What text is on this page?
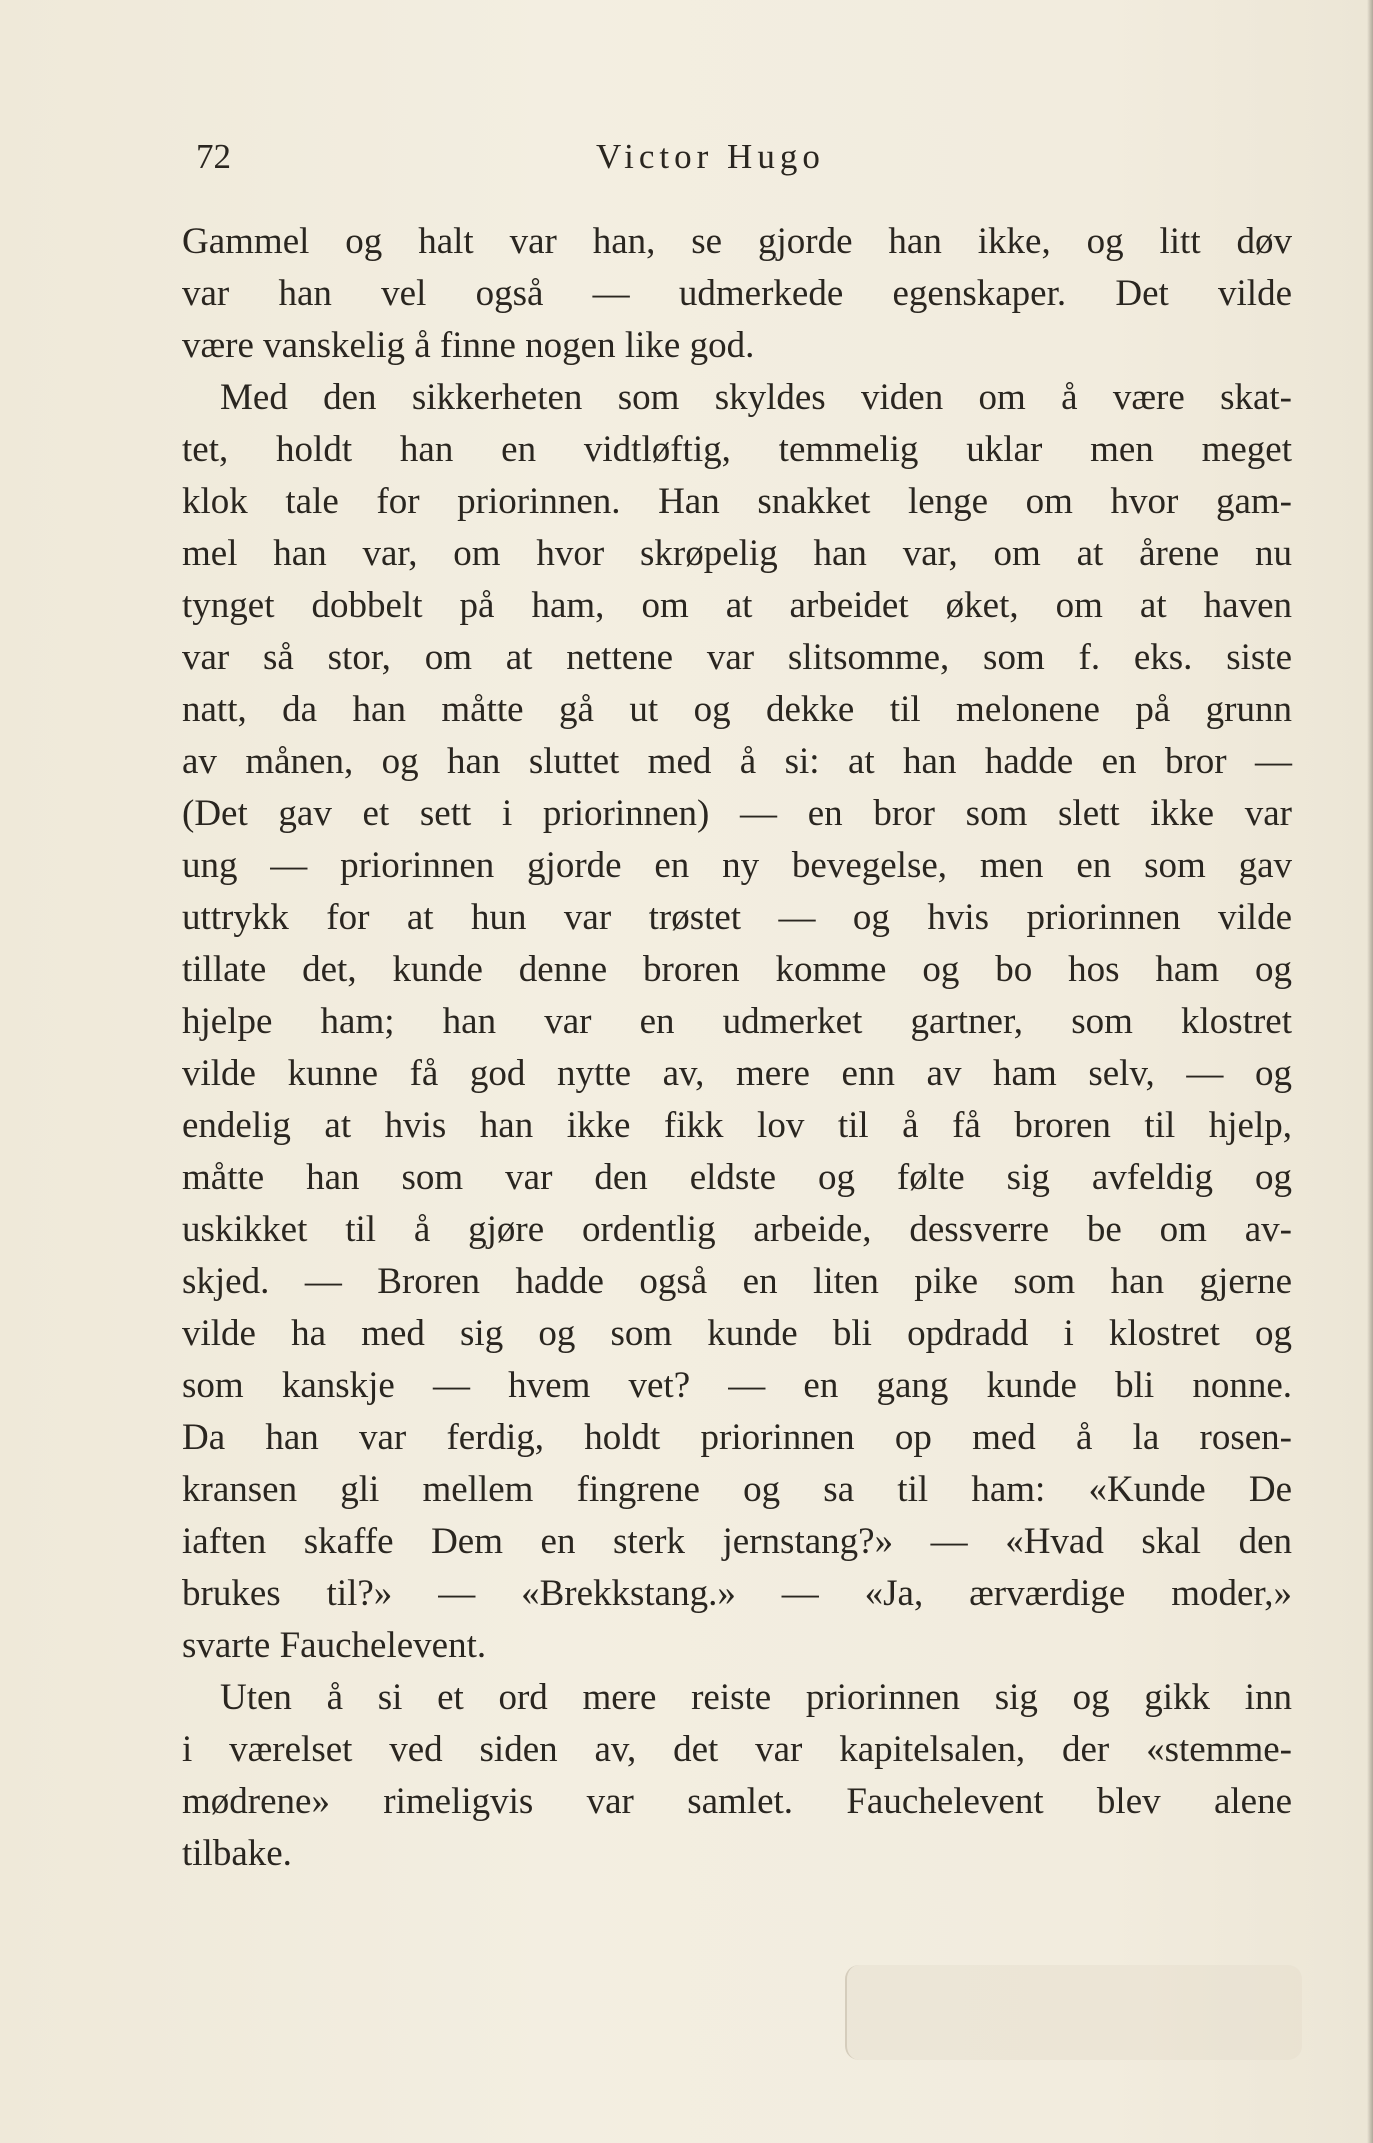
72	Victor Hugo
Gammel og halt var han, se gjorde han ikke, og litt døv
var han vel også — udmerkede egenskaper. Det vilde
være vanskelig å finne nogen like god.
Med den sikkerheten som skyldes viden om å være skat-
tet, holdt han en vidtløftig, temmelig uklar men meget
klok tale for priorinnen. Han snakket lenge om hvor gam-
mel han var, om hvor skrøpelig han var, om at årene nu
tynget dobbelt på ham, om at arbeidet øket, om at haven
var så stor, om at nettene var slitsomme, som f. eks. siste
natt, da han måtte gå ut og dekke til melonene på grunn
av månen, og han sluttet med å si: at han hadde en bror —
(Det gav et sett i priorinnen) — en bror som slett ikke var
ung — priorinnen gjorde en ny bevegelse, men en som gav
uttrykk for at hun var trøstet — og hvis priorinnen vilde
tillate det, kunde denne broren komme og bo hos ham og
hjelpe ham; han var en udmerket gartner, som klostret
vilde kunne få god nytte av, mere enn av ham selv, — og
endelig at hvis han ikke fikk lov til å få broren til hjelp,
måtte han som var den eldste og følte sig avfeldig og
uskikket til å gjøre ordentlig arbeide, dessverre be om av-
skjed. — Broren hadde også en liten pike som han gjerne
vilde ha med sig og som kunde bli opdradd i klostret og
som kanskje — hvem vet? — en gang kunde bli nonne.
Da han var ferdig, holdt priorinnen op med å la rosen-
kransen gli mellem fingrene og sa til ham: «Kunde De
iaften skaffe Dem en sterk jernstang?» — «Hvad skal den
brukes til?» — «Brekkstang.» — «Ja, ærværdige moder,»
svarte Fauchelevent.
Uten å si et ord mere reiste priorinnen sig og gikk inn
i værelset ved siden av, det var kapitelsalen, der «stemme-
mødrene» rimeligvis var samlet. Fauchelevent blev alene
tilbake.
